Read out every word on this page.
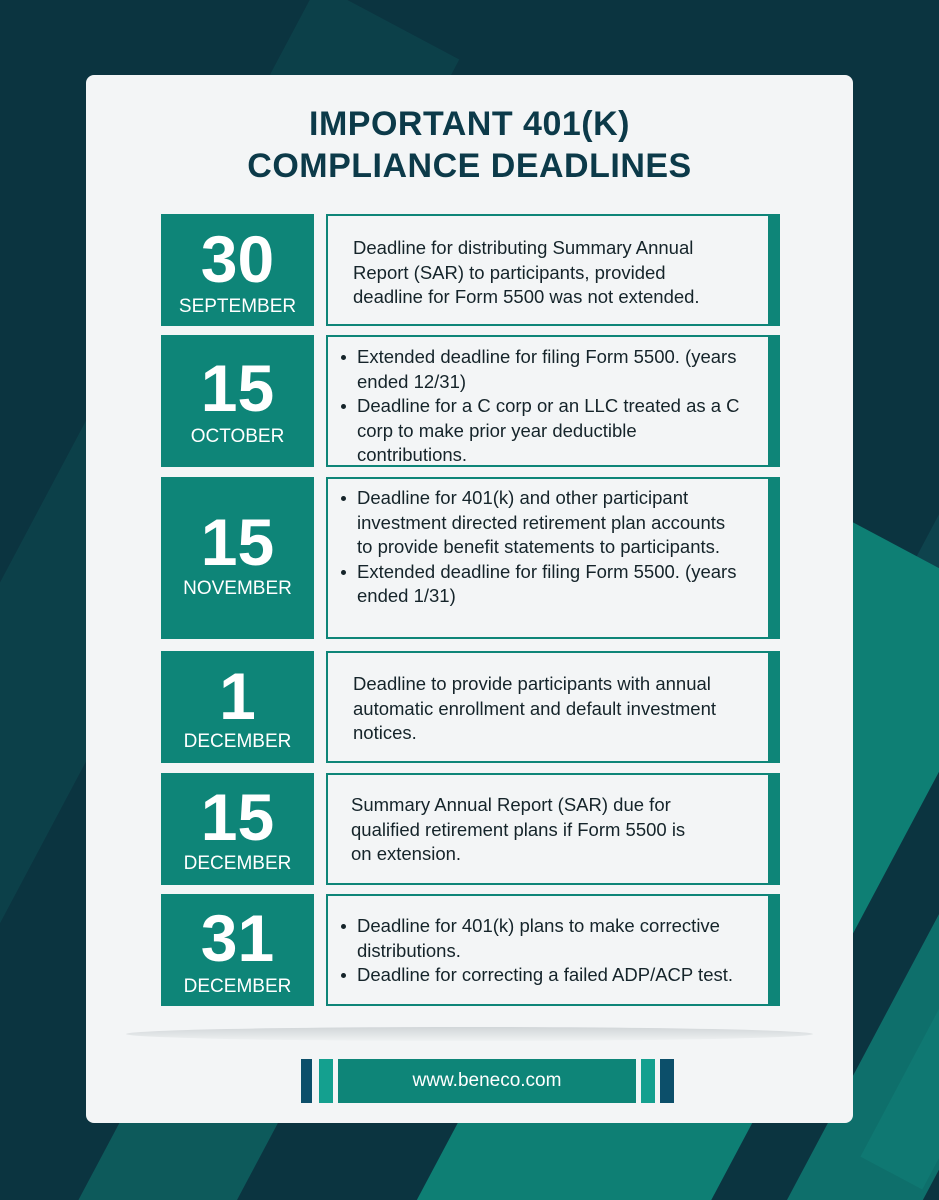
IMPORTANT 401(K)
COMPLIANCE DEADLINES
30
SEPTEMBER
Deadline for distributing Summary Annual Report (SAR) to participants, provided deadline for Form 5500 was not extended.
15
OCTOBER
Extended deadline for filing Form 5500. (years ended 12/31)
Deadline for a C corp or an LLC treated as a C corp to make prior year deductible contributions.
15
NOVEMBER
Deadline for 401(k) and other participant investment directed retirement plan accounts to provide benefit statements to participants.
Extended deadline for filing Form 5500. (years ended 1/31)
1
DECEMBER
Deadline to provide participants with annual automatic enrollment and default investment notices.
15
DECEMBER
Summary Annual Report (SAR) due for qualified retirement plans if Form 5500 is on extension.
31
DECEMBER
Deadline for 401(k) plans to make corrective distributions.
Deadline for correcting a failed ADP/ACP test.
www.beneco.com
